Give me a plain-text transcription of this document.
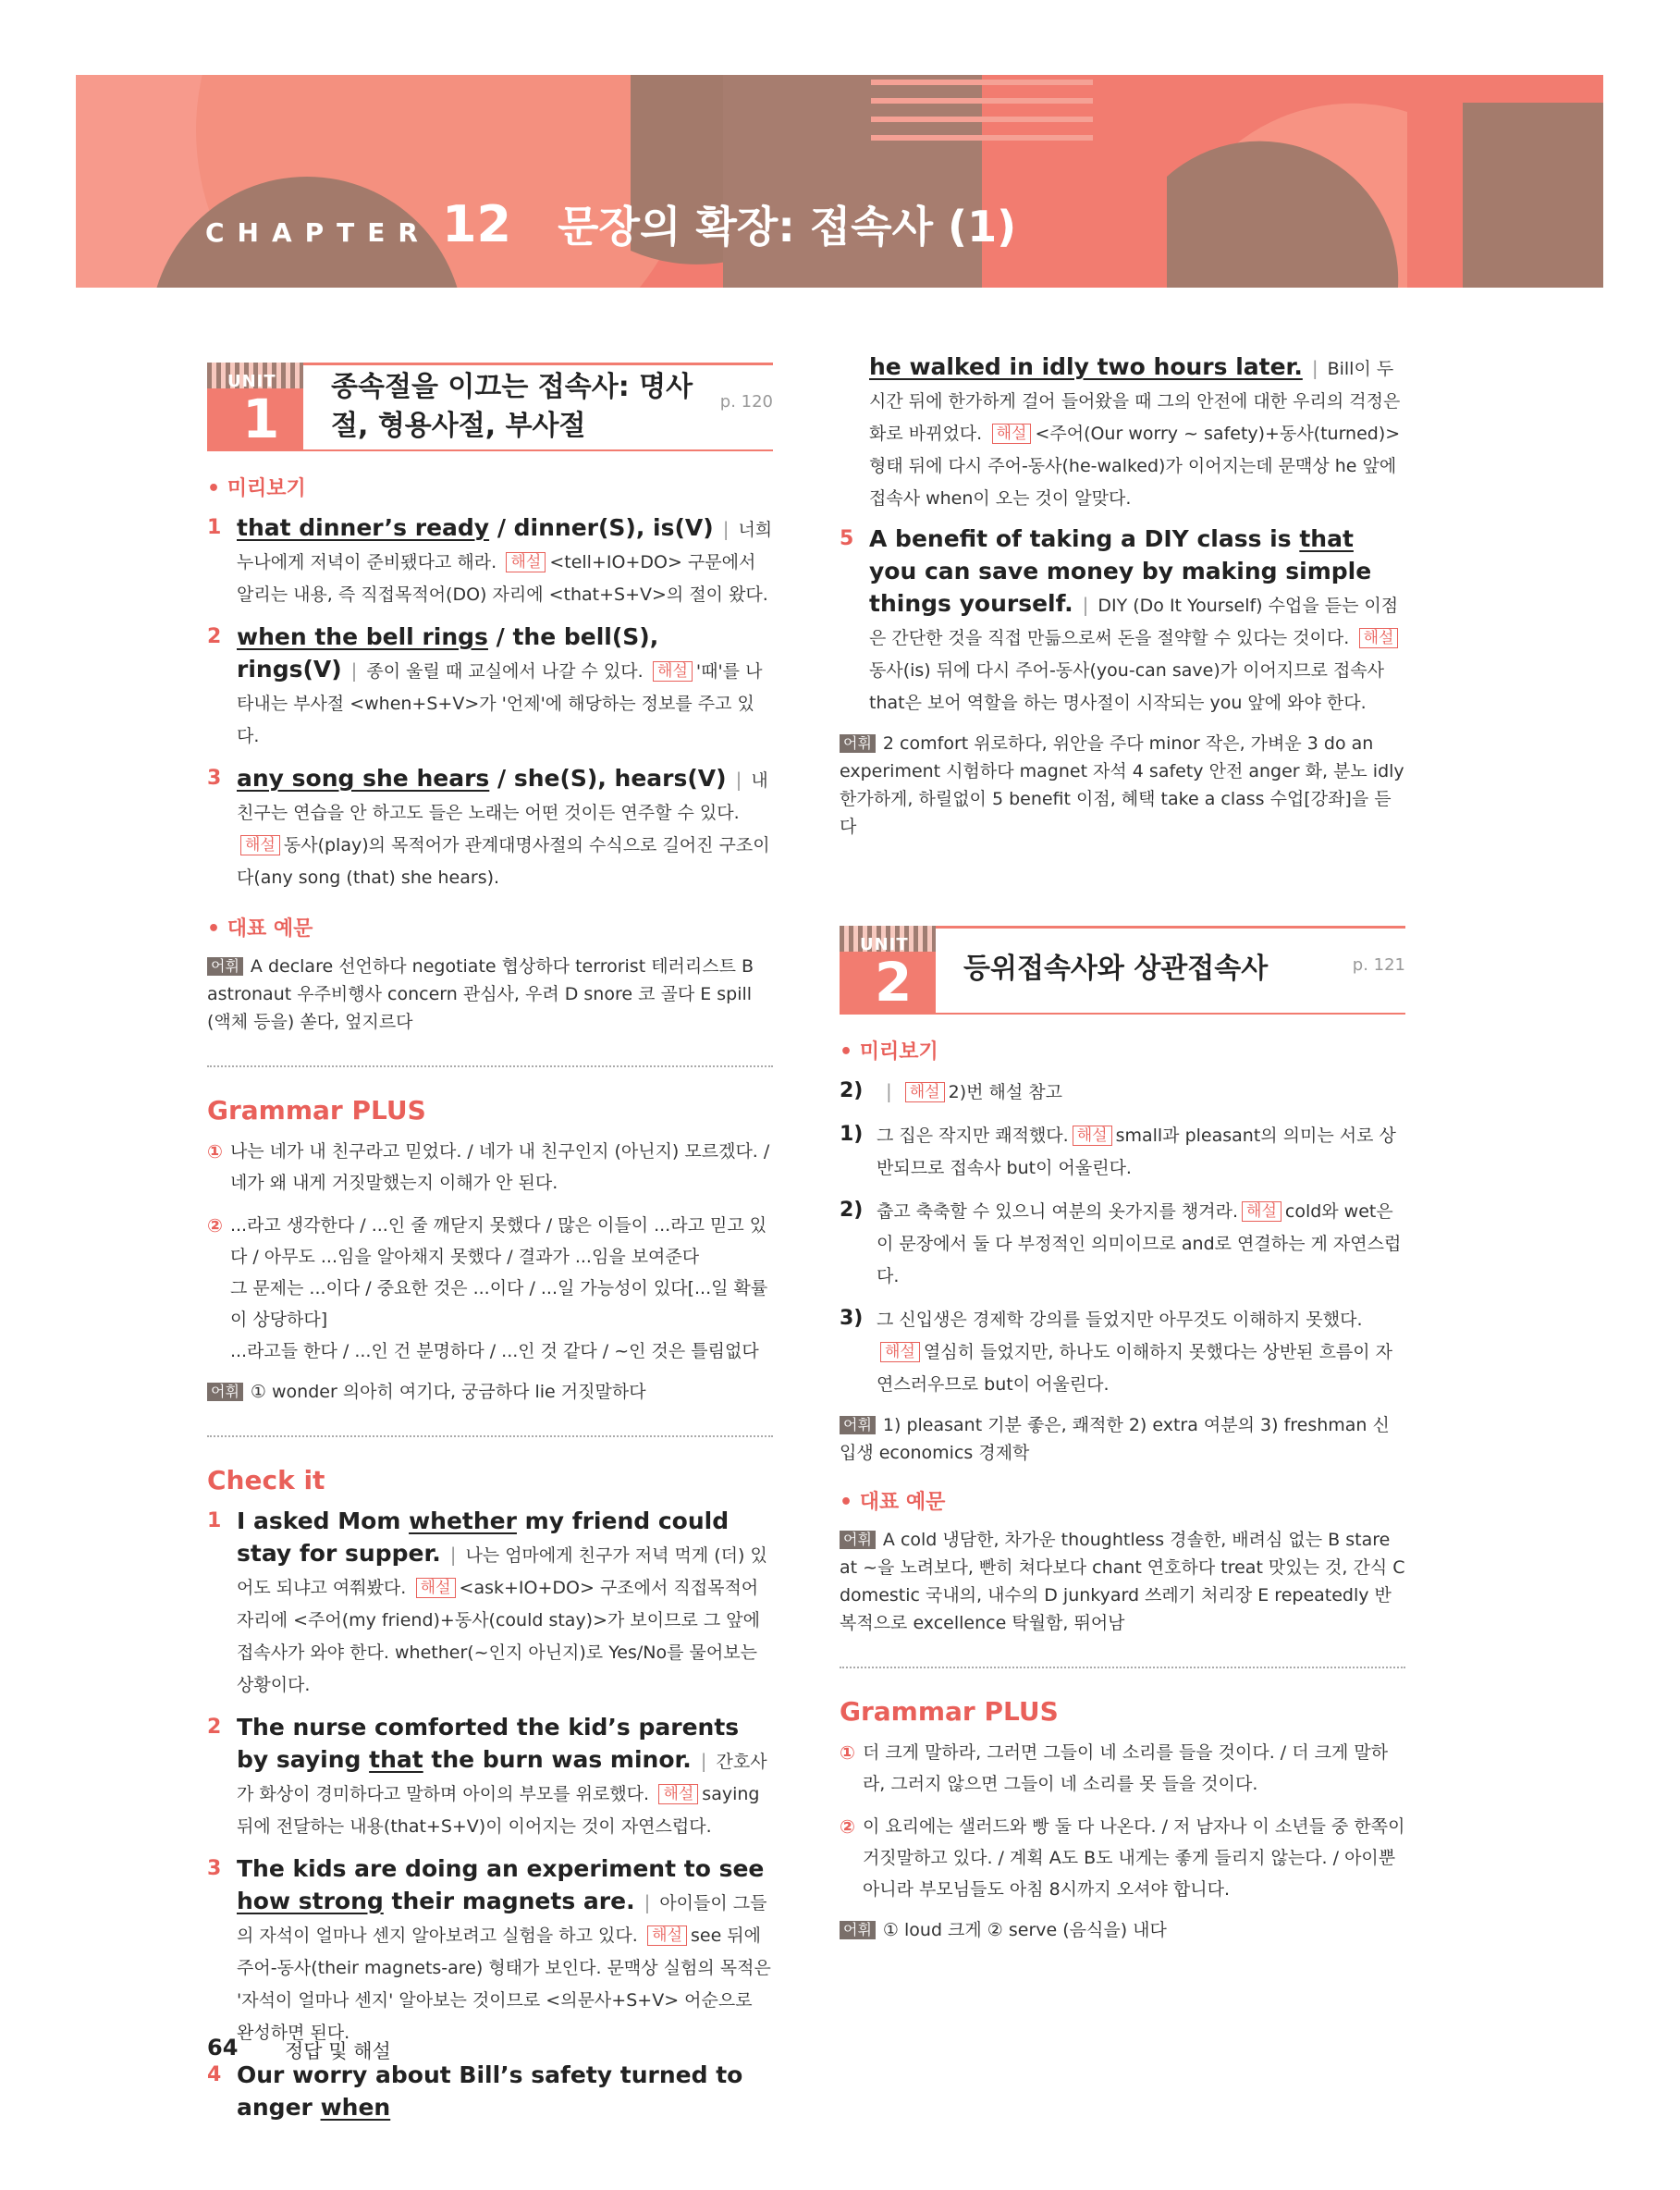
CHAPTER 12 문장의 확장: 접속사 (1)
UNIT
1
종속절을 이끄는 접속사: 명사절, 형용사절, 부사절
p. 120
• 미리보기
1 that dinner’s ready / dinner(S), is(V) | 너희 누나에게 저녁이 준비됐다고 해라. 해설 <tell+IO+DO> 구문에서 알리는 내용, 즉 직접목적어(DO) 자리에 <that+S+V>의 절이 왔다.
2 when the bell rings / the bell(S), rings(V) | 종이 울릴 때 교실에서 나갈 수 있다. 해설 '때'를 나타내는 부사절 <when+S+V>가 '언제'에 해당하는 정보를 주고 있다.
3 any song she hears / she(S), hears(V) | 내 친구는 연습을 안 하고도 들은 노래는 어떤 것이든 연주할 수 있다. 해설 동사(play)의 목적어가 관계대명사절의 수식으로 길어진 구조이다(any song (that) she hears).
• 대표 예문
어휘 A declare 선언하다 negotiate 협상하다 terrorist 테러리스트 B astronaut 우주비행사 concern 관심사, 우려 D snore 코 골다 E spill (액체 등을) 쏟다, 엎지르다
Grammar PLUS
① 나는 네가 내 친구라고 믿었다. / 네가 내 친구인지 (아닌지) 모르겠다. / 네가 왜 내게 거짓말했는지 이해가 안 된다.
② ...라고 생각한다 / ...인 줄 깨닫지 못했다 / 많은 이들이 ...라고 믿고 있다 / 아무도 ...임을 알아채지 못했다 / 결과가 ...임을 보여준다
그 문제는 ...이다 / 중요한 것은 ...이다 / ...일 가능성이 있다[...일 확률이 상당하다]
...라고들 한다 / ...인 건 분명하다 / ...인 것 같다 / ~인 것은 틀림없다
어휘 ① wonder 의아히 여기다, 궁금하다 lie 거짓말하다
Check it
1 I asked Mom whether my friend could stay for supper. | 나는 엄마에게 친구가 저녁 먹게 (더) 있어도 되냐고 여쭤봤다. 해설 <ask+IO+DO> 구조에서 직접목적어 자리에 <주어(my friend)+동사(could stay)>가 보이므로 그 앞에 접속사가 와야 한다. whether(~인지 아닌지)로 Yes/No를 물어보는 상황이다.
2 The nurse comforted the kid’s parents by saying that the burn was minor. | 간호사가 화상이 경미하다고 말하며 아이의 부모를 위로했다. 해설 saying 뒤에 전달하는 내용(that+S+V)이 이어지는 것이 자연스럽다.
3 The kids are doing an experiment to see how strong their magnets are. | 아이들이 그들의 자석이 얼마나 센지 알아보려고 실험을 하고 있다. 해설 see 뒤에 주어-동사(their magnets-are) 형태가 보인다. 문맥상 실험의 목적은 '자석이 얼마나 센지' 알아보는 것이므로 <의문사+S+V> 어순으로 완성하면 된다.
4 Our worry about Bill’s safety turned to anger when
he walked in idly two hours later. | Bill이 두 시간 뒤에 한가하게 걸어 들어왔을 때 그의 안전에 대한 우리의 걱정은 화로 바뀌었다. 해설 <주어(Our worry ~ safety)+동사(turned)> 형태 뒤에 다시 주어-동사(he-walked)가 이어지는데 문맥상 he 앞에 접속사 when이 오는 것이 알맞다.
5 A benefit of taking a DIY class is that you can save money by making simple things yourself. | DIY (Do It Yourself) 수업을 듣는 이점은 간단한 것을 직접 만듦으로써 돈을 절약할 수 있다는 것이다. 해설동사(is) 뒤에 다시 주어-동사(you-can save)가 이어지므로 접속사 that은 보어 역할을 하는 명사절이 시작되는 you 앞에 와야 한다.
어휘 2 comfort 위로하다, 위안을 주다 minor 작은, 가벼운 3 do an experiment 시험하다 magnet 자석 4 safety 안전 anger 화, 분노 idly 한가하게, 하릴없이 5 benefit 이점, 혜택 take a class 수업[강좌]을 듣다
UNIT
2 등위접속사와 상관접속사	p. 121
• 미리보기
2)	| 해설 2)번 해설 참고
1) 그 집은 작지만 쾌적했다. 해설 small과 pleasant의 의미는 서로 상반되므로 접속사 but이 어울린다.
2) 춥고 축축할 수 있으니 여분의 옷가지를 챙겨라. 해설 cold와 wet은 이 문장에서 둘 다 부정적인 의미이므로 and로 연결하는 게 자연스럽다.
3) 그 신입생은 경제학 강의를 들었지만 아무것도 이해하지 못했다.해설 열심히 들었지만, 하나도 이해하지 못했다는 상반된 흐름이 자연스러우므로 but이 어울린다.
어휘 1) pleasant 기분 좋은, 쾌적한 2) extra 여분의 3) freshman 신입생 economics 경제학
• 대표 예문
어휘 A cold 냉담한, 차가운 thoughtless 경솔한, 배려심 없는 B stare at ~을 노려보다, 빤히 쳐다보다 chant 연호하다 treat 맛있는 것, 간식 C domestic 국내의, 내수의 D junkyard 쓰레기 처리장 E repeatedly 반복적으로 excellence 탁월함, 뛰어남
Grammar PLUS
① 더 크게 말하라, 그러면 그들이 네 소리를 들을 것이다. / 더 크게 말하라, 그러지 않으면 그들이 네 소리를 못 들을 것이다.
② 이 요리에는 샐러드와 빵 둘 다 나온다. / 저 남자나 이 소년들 중 한쪽이 거짓말하고 있다. / 계획 A도 B도 내게는 좋게 들리지 않는다. / 아이뿐 아니라 부모님들도 아침 8시까지 오셔야 합니다.
어휘 ① loud 크게 ② serve (음식을) 내다
64 정답 및 해설
